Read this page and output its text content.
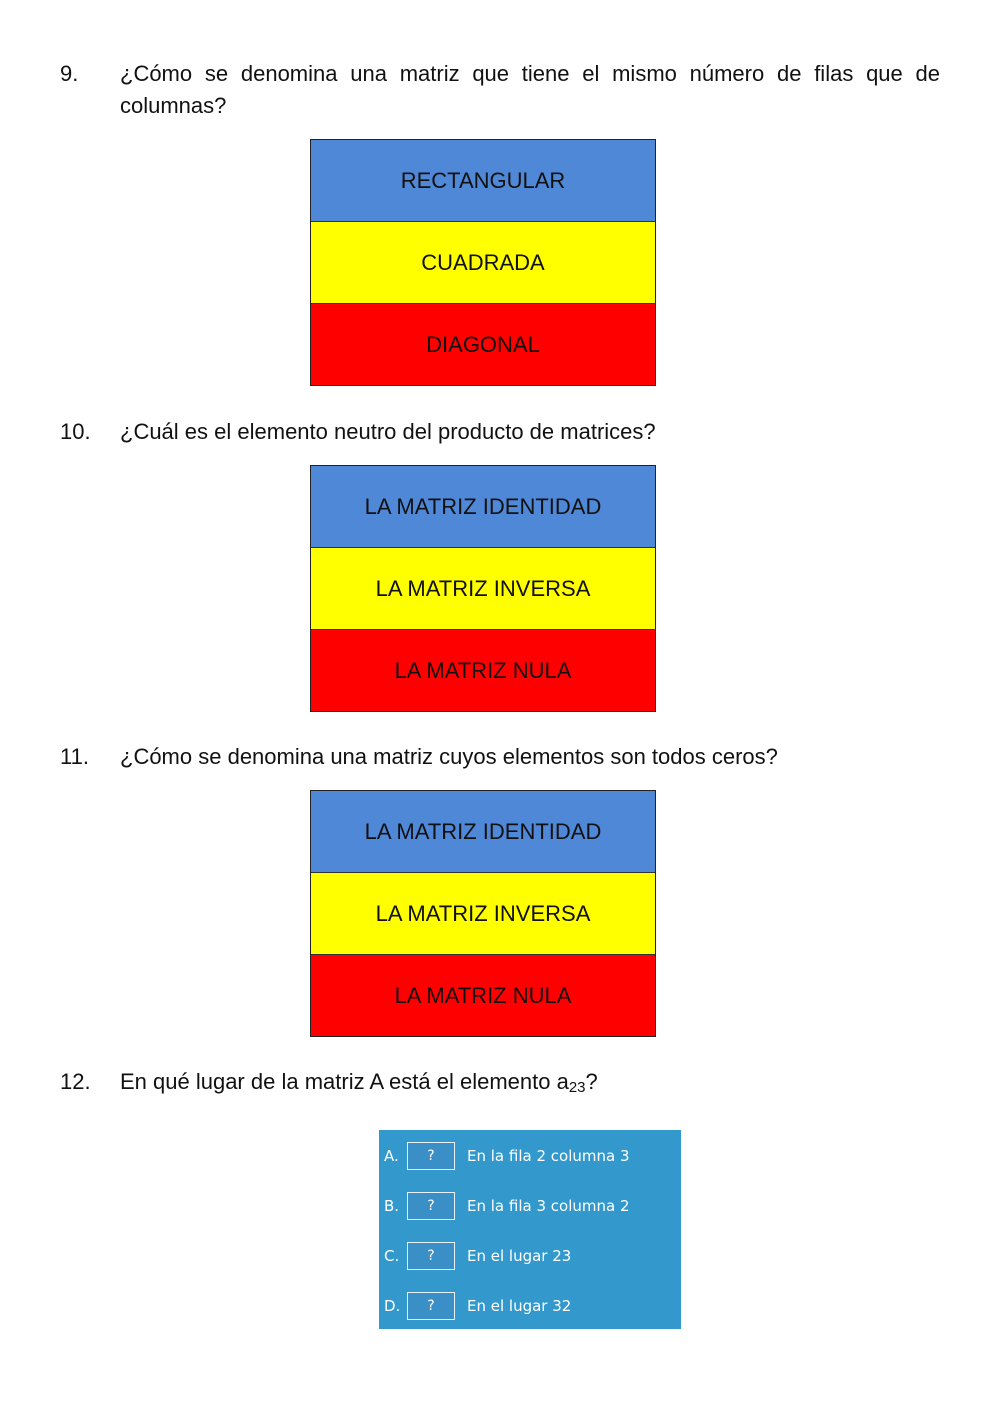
9.	¿Cómo se denomina una matriz que tiene el mismo número de filas que de columnas?
RECTANGULAR
CUADRADA
DIAGONAL
10.	¿Cuál es el elemento neutro del producto de matrices?
LA MATRIZ IDENTIDAD
LA MATRIZ INVERSA
LA MATRIZ NULA
11.	¿Cómo se denomina una matriz cuyos elementos son todos ceros?
LA MATRIZ IDENTIDAD
LA MATRIZ INVERSA
LA MATRIZ NULA
12.	En qué lugar de la matriz A está el elemento $a_{23}$?
A.	?	En la fila 2 columna 3
B.	?	En la fila 3 columna 2
C.	?	En el lugar 23
D.	?	En el lugar 32
